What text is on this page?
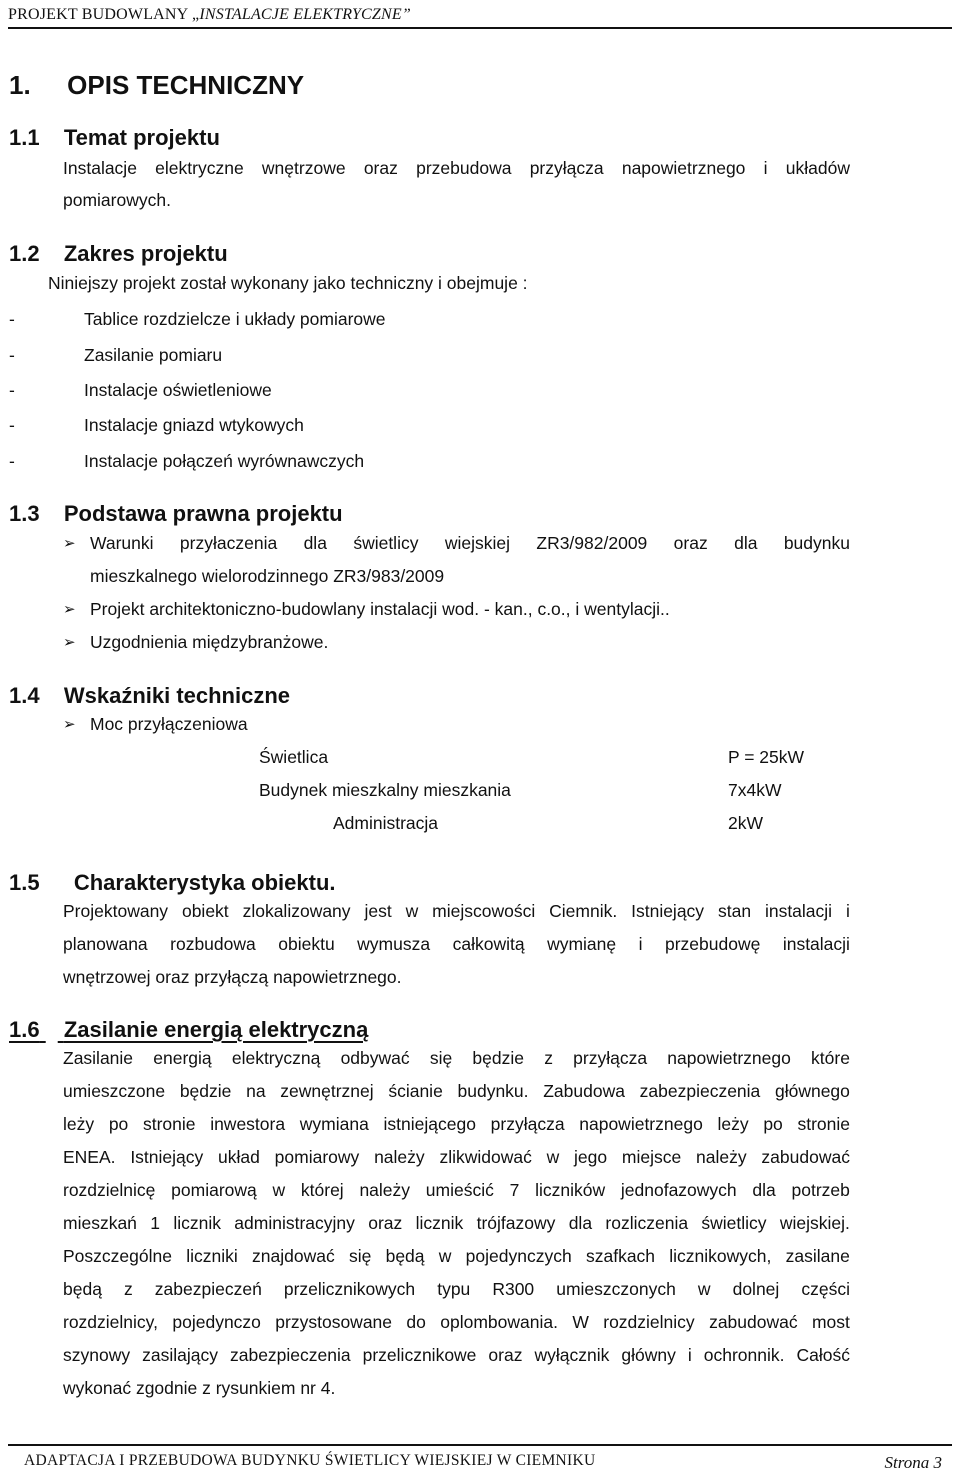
PROJEKT BUDOWLANY „INSTALACJE ELEKTRYCZNE”
1. OPIS TECHNICZNY
1.1 Temat projektu
Instalacje elektryczne wnętrzowe oraz przebudowa przyłącza napowietrznego i układów
pomiarowych.
1.2 Zakres projektu
Niniejszy projekt został wykonany jako techniczny i obejmuje :
-	Tablice rozdzielcze i układy pomiarowe
-	Zasilanie pomiaru
-	Instalacje oświetleniowe
-	Instalacje gniazd wtykowych
-	Instalacje połączeń wyrównawczych
1.3 Podstawa prawna projektu
➢ Warunki przyłaczenia dla świetlicy wiejskiej ZR3/982/2009 oraz dla budynku
mieszkalnego wielorodzinnego ZR3/983/2009
➢ Projekt architektoniczno-budowlany instalacji wod. - kan., c.o., i wentylacji..
➢ Uzgodnienia międzybranżowe.
1.4 Wskaźniki techniczne
➢ Moc przyłączeniowa
Świetlica	P = 25kW
Budynek mieszkalny mieszkania	7x4kW
Administracja	2kW
1.5 Charakterystyka obiektu.
Projektowany obiekt zlokalizowany jest w miejscowości Ciemnik. Istniejący stan instalacji i
planowana rozbudowa obiektu wymusza całkowitą wymianę i przebudowę instalacji
wnętrzowej oraz przyłączą napowietrznego.
1.6 Zasilanie energią elektryczną
Zasilanie energią elektryczną odbywać się będzie z przyłącza napowietrznego które
umieszczone będzie na zewnętrznej ścianie budynku. Zabudowa zabezpieczenia głównego
leży po stronie inwestora wymiana istniejącego przyłącza napowietrznego leży po stronie
ENEA. Istniejący układ pomiarowy należy zlikwidować w jego miejsce należy zabudować
rozdzielnicę pomiarową w której należy umieścić 7 liczników jednofazowych dla potrzeb
mieszkań 1 licznik administracyjny oraz licznik trójfazowy dla rozliczenia świetlicy wiejskiej.
Poszczególne liczniki znajdować się będą w pojedynczych szafkach licznikowych, zasilane
będą z zabezpieczeń przelicznikowych typu R300 umieszczonych w dolnej części
rozdzielnicy, pojedynczo przystosowane do oplombowania. W rozdzielnicy zabudować most
szynowy zasilający zabezpieczenia przelicznikowe oraz wyłącznik główny i ochronnik. Całość
wykonać zgodnie z rysunkiem nr 4.
ADAPTACJA I PRZEBUDOWA BUDYNKU ŚWIETLICY WIEJSKIEJ W CIEMNIKU	Strona 3
